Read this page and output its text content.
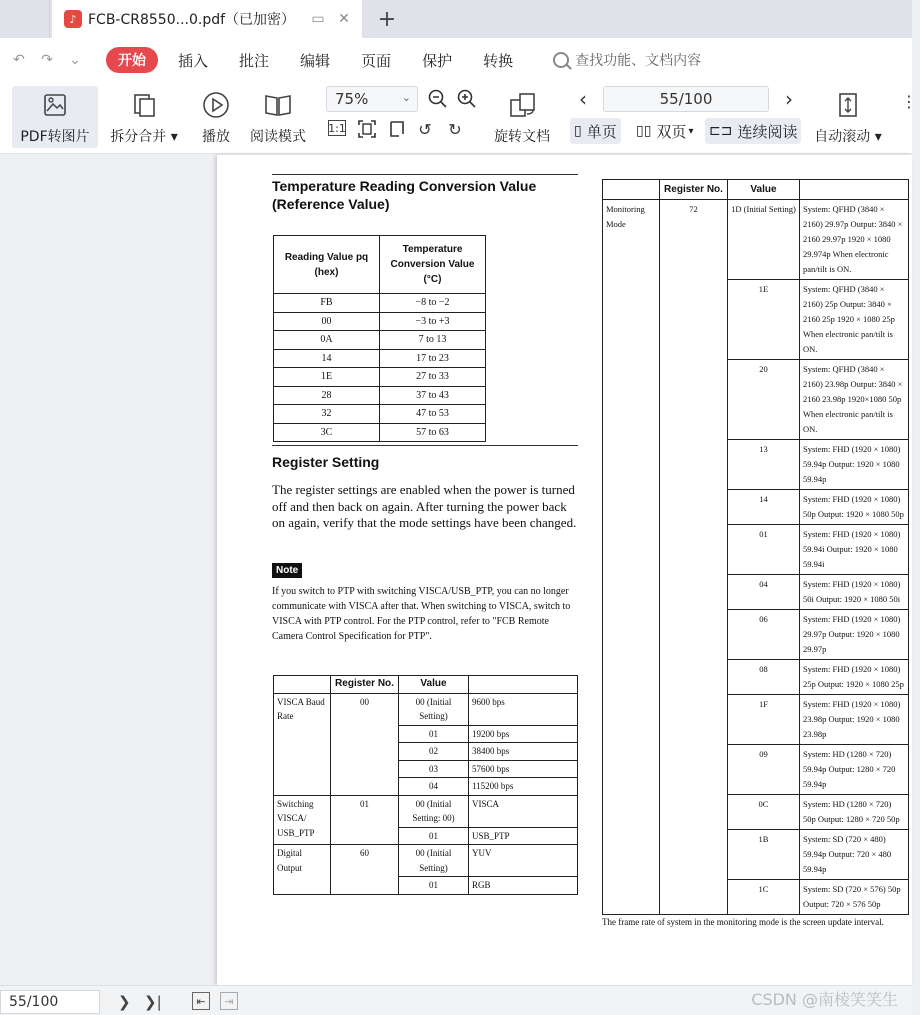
♪ FCB-CR8550...0.pdf（已加密）	▭ ✕ +
↶ ↷ ⌄	开始	插入 批注 编辑 页面 保护 转换	查找功能、文档内容
PDF转图片 拆分合并 ▾ 播放 阅读模式
75%	⌄
1:1	↺ ↻	旋转文档
‹	55/100	›
▯ 单页 ▯▯ 双页 ▾ ⊏⊐ 连续阅读 自动滚动 ▾
⋮
Temperature Reading Conversion Value (Reference Value)
Reading Value pq (hex)	Temperature Conversion Value (°C)
FB	−8 to −2
00	−3 to +3
0A	7 to 13
14	17 to 23
1E	27 to 33
28	37 to 43
32	47 to 53
3C	57 to 63
Register Setting
The register settings are enabled when the power is turned off and then back on again. After turning the power back on again, verify that the mode settings have been changed.
Note
If you switch to PTP with switching VISCA/USB_PTP, you can no longer communicate with VISCA after that. When switching to VISCA, switch to VISCA with PTP control. For the PTP control, refer to "FCB Remote Camera Control Specification for PTP".
	Register No.	Value	
VISCA Baud Rate	00	00 (Initial Setting)	9600 bps
		01	19200 bps
		02	38400 bps
		03	57600 bps
		04	115200 bps
Switching VISCA/ USB_PTP	01	00 (Initial Setting: 00)	VISCA
		01	USB_PTP
Digital Output	60	00 (Initial Setting)	YUV
		01	RGB
	Register No.	Value	
Monitoring Mode	72	1D (Initial Setting)	System: QFHD (3840 × 2160) 29.97p Output: 3840 × 2160 29.97p 1920 × 1080 29.974p When electronic pan/tilt is ON.
		1E	System: QFHD (3840 × 2160) 25p Output: 3840 × 2160 25p 1920 × 1080 25p When electronic pan/tilt is ON.
		20	System: QFHD (3840 × 2160) 23.98p Output: 3840 × 2160 23.98p 1920×1080 50p When electronic pan/tilt is ON.
		13	System: FHD (1920 × 1080) 59.94p Output: 1920 × 1080 59.94p
		14	System: FHD (1920 × 1080) 50p Output: 1920 × 1080 50p
		01	System: FHD (1920 × 1080) 59.94i Output: 1920 × 1080 59.94i
		04	System: FHD (1920 × 1080) 50i Output: 1920 × 1080 50i
		06	System: FHD (1920 × 1080) 29.97p Output: 1920 × 1080 29.97p
		08	System: FHD (1920 × 1080) 25p Output: 1920 × 1080 25p
		1F	System: FHD (1920 × 1080) 23.98p Output: 1920 × 1080 23.98p
		09	System: HD (1280 × 720) 59.94p Output: 1280 × 720 59.94p
		0C	System: HD (1280 × 720) 50p Output: 1280 × 720 50p
		1B	System: SD (720 × 480) 59.94p Output: 720 × 480 59.94p
		1C	System: SD (720 × 576) 50p Output: 720 × 576 50p
The frame rate of system in the monitoring mode is the screen update interval.
55/100	❯ ❯|	⇤	⇥	CSDN @南棱笑笑生
